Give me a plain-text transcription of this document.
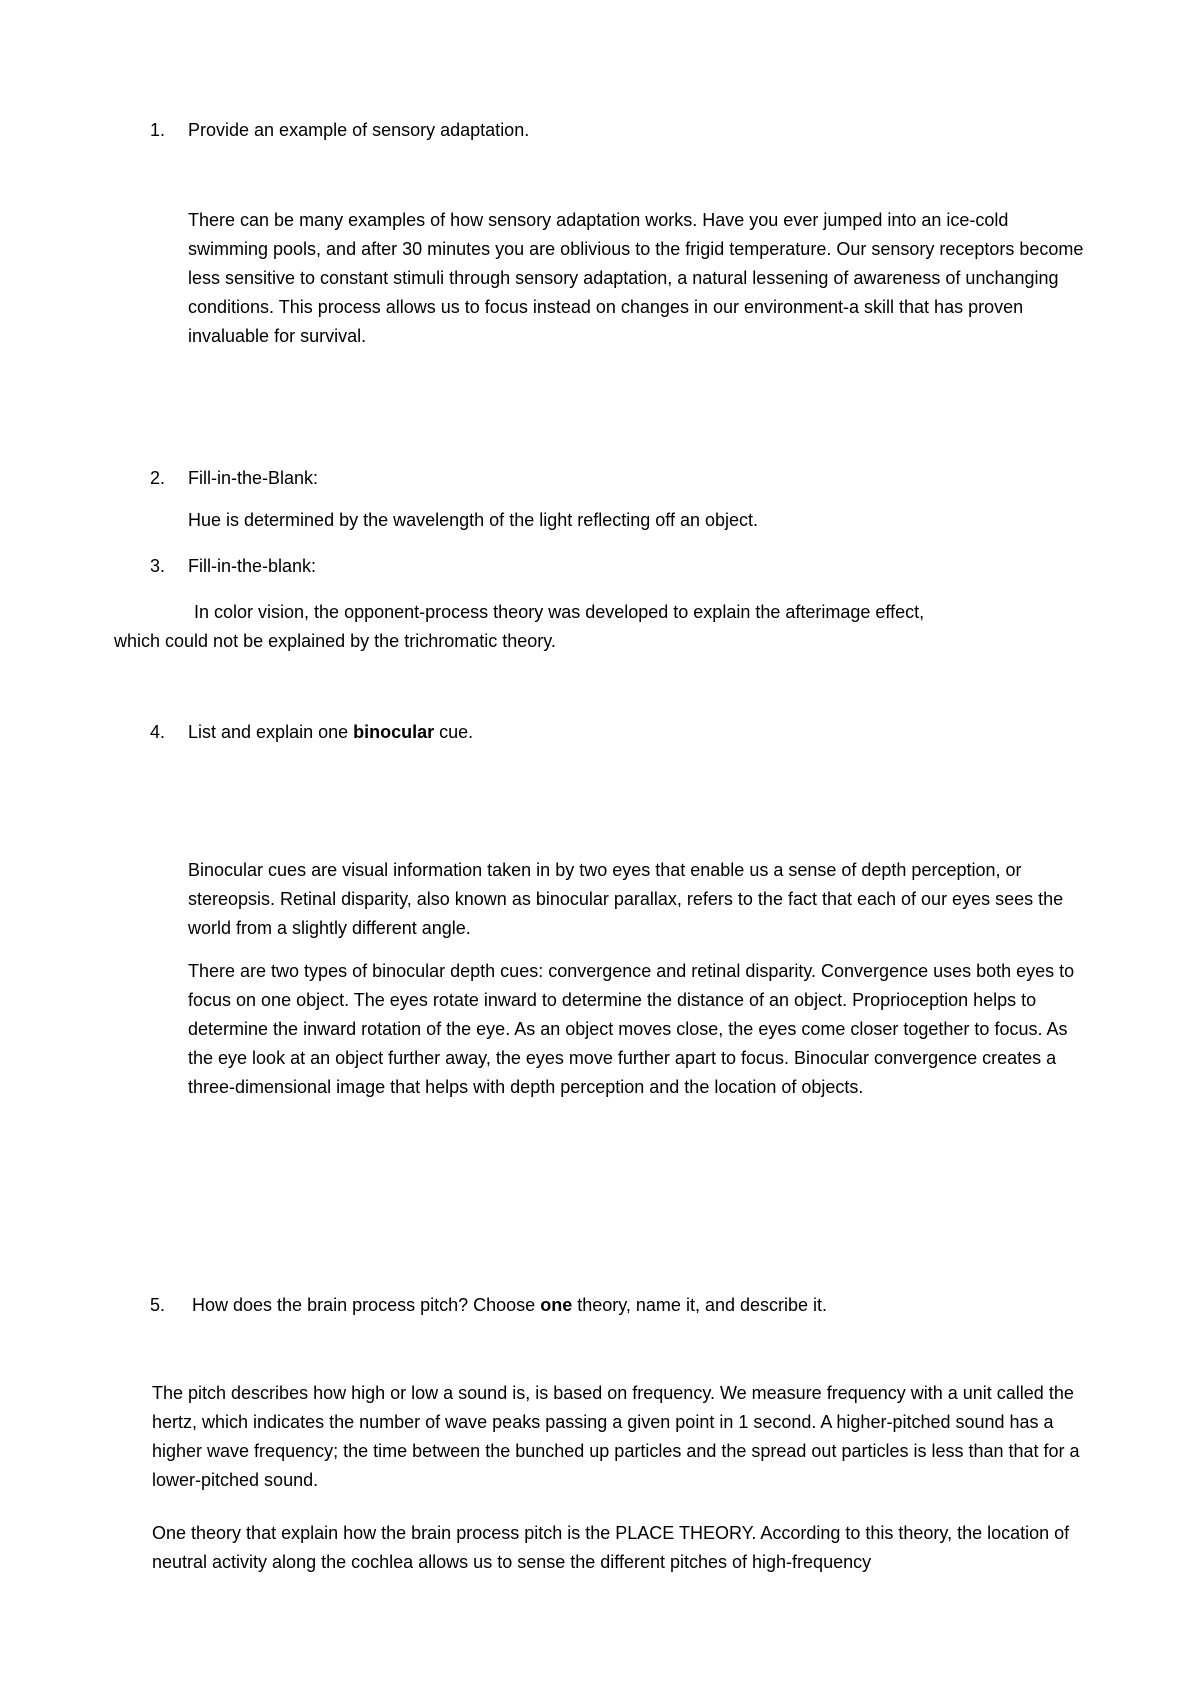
1. Provide an example of sensory adaptation.

There can be many examples of how sensory adaptation works. Have you ever jumped into an ice-cold swimming pools, and after 30 minutes you are oblivious to the frigid temperature. Our sensory receptors become less sensitive to constant stimuli through sensory adaptation, a natural lessening of awareness of unchanging conditions. This process allows us to focus instead on changes in our environment-a skill that has proven invaluable for survival.

2. Fill-in-the-Blank:

Hue is determined by the wavelength of the light reflecting off an object.

3. Fill-in-the-blank:

In color vision, the opponent-process theory was developed to explain the afterimage effect,

which could not be explained by the trichromatic theory.

4. List and explain one binocular cue.

Binocular cues are visual information taken in by two eyes that enable us a sense of depth perception, or stereopsis. Retinal disparity, also known as binocular parallax, refers to the fact that each of our eyes sees the world from a slightly different angle.

There are two types of binocular depth cues: convergence and retinal disparity. Convergence uses both eyes to focus on one object. The eyes rotate inward to determine the distance of an object. Proprioception helps to determine the inward rotation of the eye. As an object moves close, the eyes come closer together to focus. As the eye look at an object further away, the eyes move further apart to focus. Binocular convergence creates a three-dimensional image that helps with depth perception and the location of objects.

5. How does the brain process pitch? Choose one theory, name it, and describe it.

The pitch describes how high or low a sound is, is based on frequency. We measure frequency with a unit called the hertz, which indicates the number of wave peaks passing a given point in 1 second. A higher-pitched sound has a higher wave frequency; the time between the bunched up particles and the spread out particles is less than that for a lower-pitched sound.

One theory that explain how the brain process pitch is the PLACE THEORY. According to this theory, the location of neutral activity along the cochlea allows us to sense the different pitches of high-frequency
